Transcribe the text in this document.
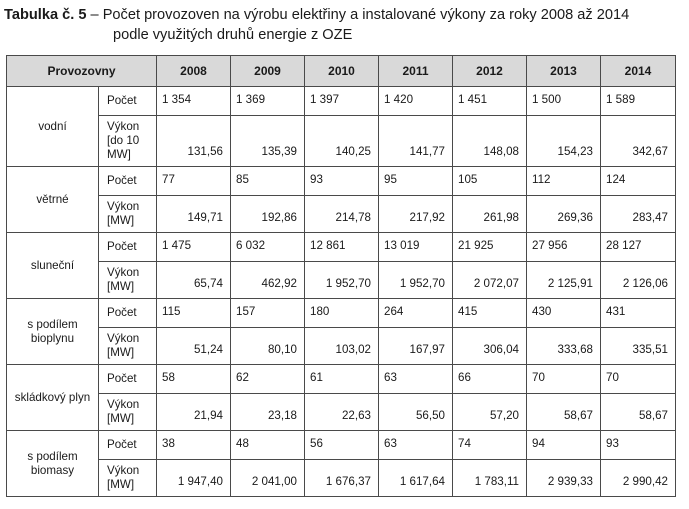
Tabulka č. 5 – Počet provozoven na výrobu elektřiny a instalované výkony za roky 2008 až 2014
podle využitých druhů energie z OZE
Provozovny		2008	2009	2010	2011	2012	2013	2014
vodní	Počet	1 354	1 369	1 397	1 420	1 451	1 500	1 589
	Výkon [do 10 MW]	131,56	135,39	140,25	141,77	148,08	154,23	342,67
větrné	Počet	77	85	93	95	105	112	124
	Výkon [MW]	149,71	192,86	214,78	217,92	261,98	269,36	283,47
sluneční	Počet	1 475	6 032	12 861	13 019	21 925	27 956	28 127
	Výkon [MW]	65,74	462,92	1 952,70	1 952,70	2 072,07	2 125,91	2 126,06
s podílem bioplynu	Počet	115	157	180	264	415	430	431
	Výkon [MW]	51,24	80,10	103,02	167,97	306,04	333,68	335,51
skládkový plyn	Počet	58	62	61	63	66	70	70
	Výkon [MW]	21,94	23,18	22,63	56,50	57,20	58,67	58,67
s podílem biomasy	Počet	38	48	56	63	74	94	93
	Výkon [MW]	1 947,40	2 041,00	1 676,37	1 617,64	1 783,11	2 939,33	2 990,42
